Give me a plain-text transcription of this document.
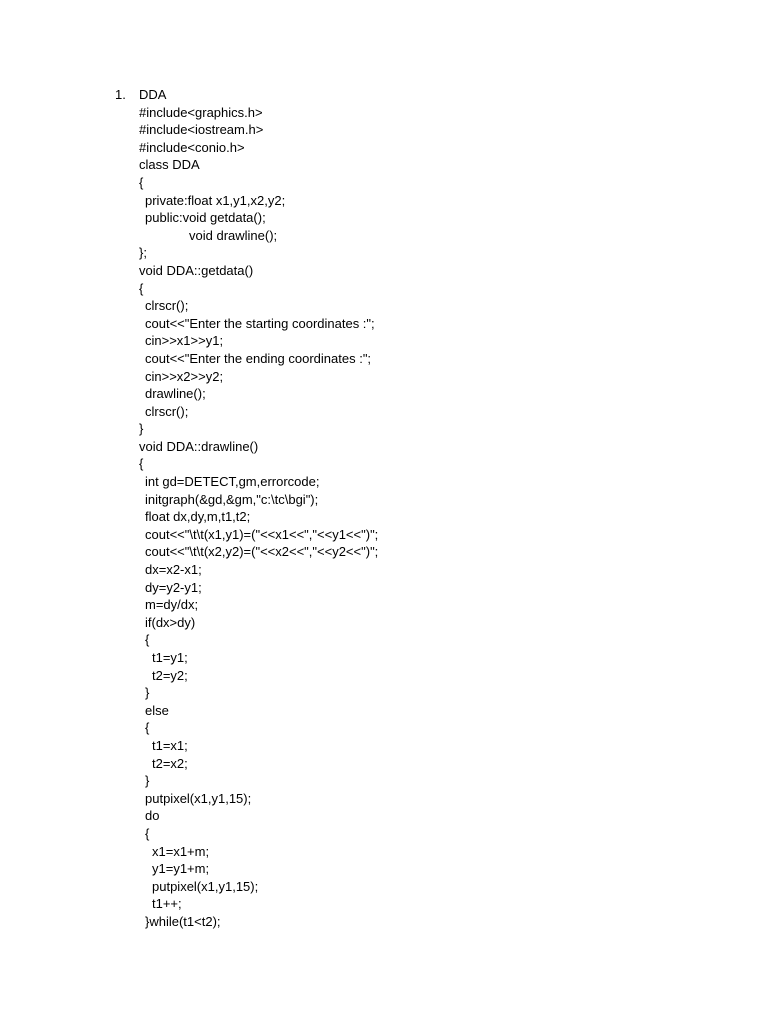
1. DDA
#include<graphics.h>
#include<iostream.h>
#include<conio.h>
class DDA
{
private:float x1,y1,x2,y2;
public:void getdata();
void drawline();
};
void DDA::getdata()
{
clrscr();
cout<<"Enter the starting coordinates :";
cin>>x1>>y1;
cout<<"Enter the ending coordinates :";
cin>>x2>>y2;
drawline();
clrscr();
}
void DDA::drawline()
{
int gd=DETECT,gm,errorcode;
initgraph(&gd,&gm,"c:\tc\bgi");
float dx,dy,m,t1,t2;
cout<<"\t\t(x1,y1)=("<<x1<<","<<y1<<")";
cout<<"\t\t(x2,y2)=("<<x2<<","<<y2<<")";
dx=x2-x1;
dy=y2-y1;
m=dy/dx;
if(dx>dy)
{
t1=y1;
t2=y2;
}
else
{
t1=x1;
t2=x2;
}
putpixel(x1,y1,15);
do
{
x1=x1+m;
y1=y1+m;
putpixel(x1,y1,15);
t1++;
}while(t1<t2);
